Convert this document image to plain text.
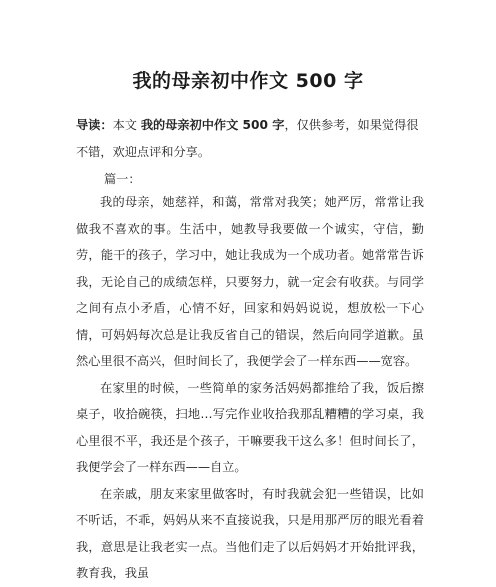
我的母亲初中作文 500 字
导读：本文 我的母亲初中作文 500 字，仅供参考，如果觉得很不错，欢迎点评和分享。
篇一：

我的母亲，她慈祥，和蔼，常常对我笑；她严厉，常常让我做我不喜欢的事。生活中，她教导我要做一个诚实，守信，勤劳，能干的孩子，学习中，她让我成为一个成功者。她常常告诉我，无论自己的成绩怎样，只要努力，就一定会有收获。与同学之间有点小矛盾，心情不好，回家和妈妈说说，想放松一下心情，可妈妈每次总是让我反省自己的错误，然后向同学道歉。虽然心里很不高兴，但时间长了，我便学会了一样东西——宽容。

在家里的时候，一些简单的家务活妈妈都推给了我，饭后擦桌子，收拾碗筷，扫地…写完作业收拾我那乱糟糟的学习桌，我心里很不平，我还是个孩子，干嘛要我干这么多！但时间长了，我便学会了一样东西——自立。

在亲戚，朋友来家里做客时，有时我就会犯一些错误，比如不听话，不乖，妈妈从来不直接说我，只是用那严厉的眼光看着我，意思是让我老实一点。当他们走了以后妈妈才开始批评我，教育我，我虽
